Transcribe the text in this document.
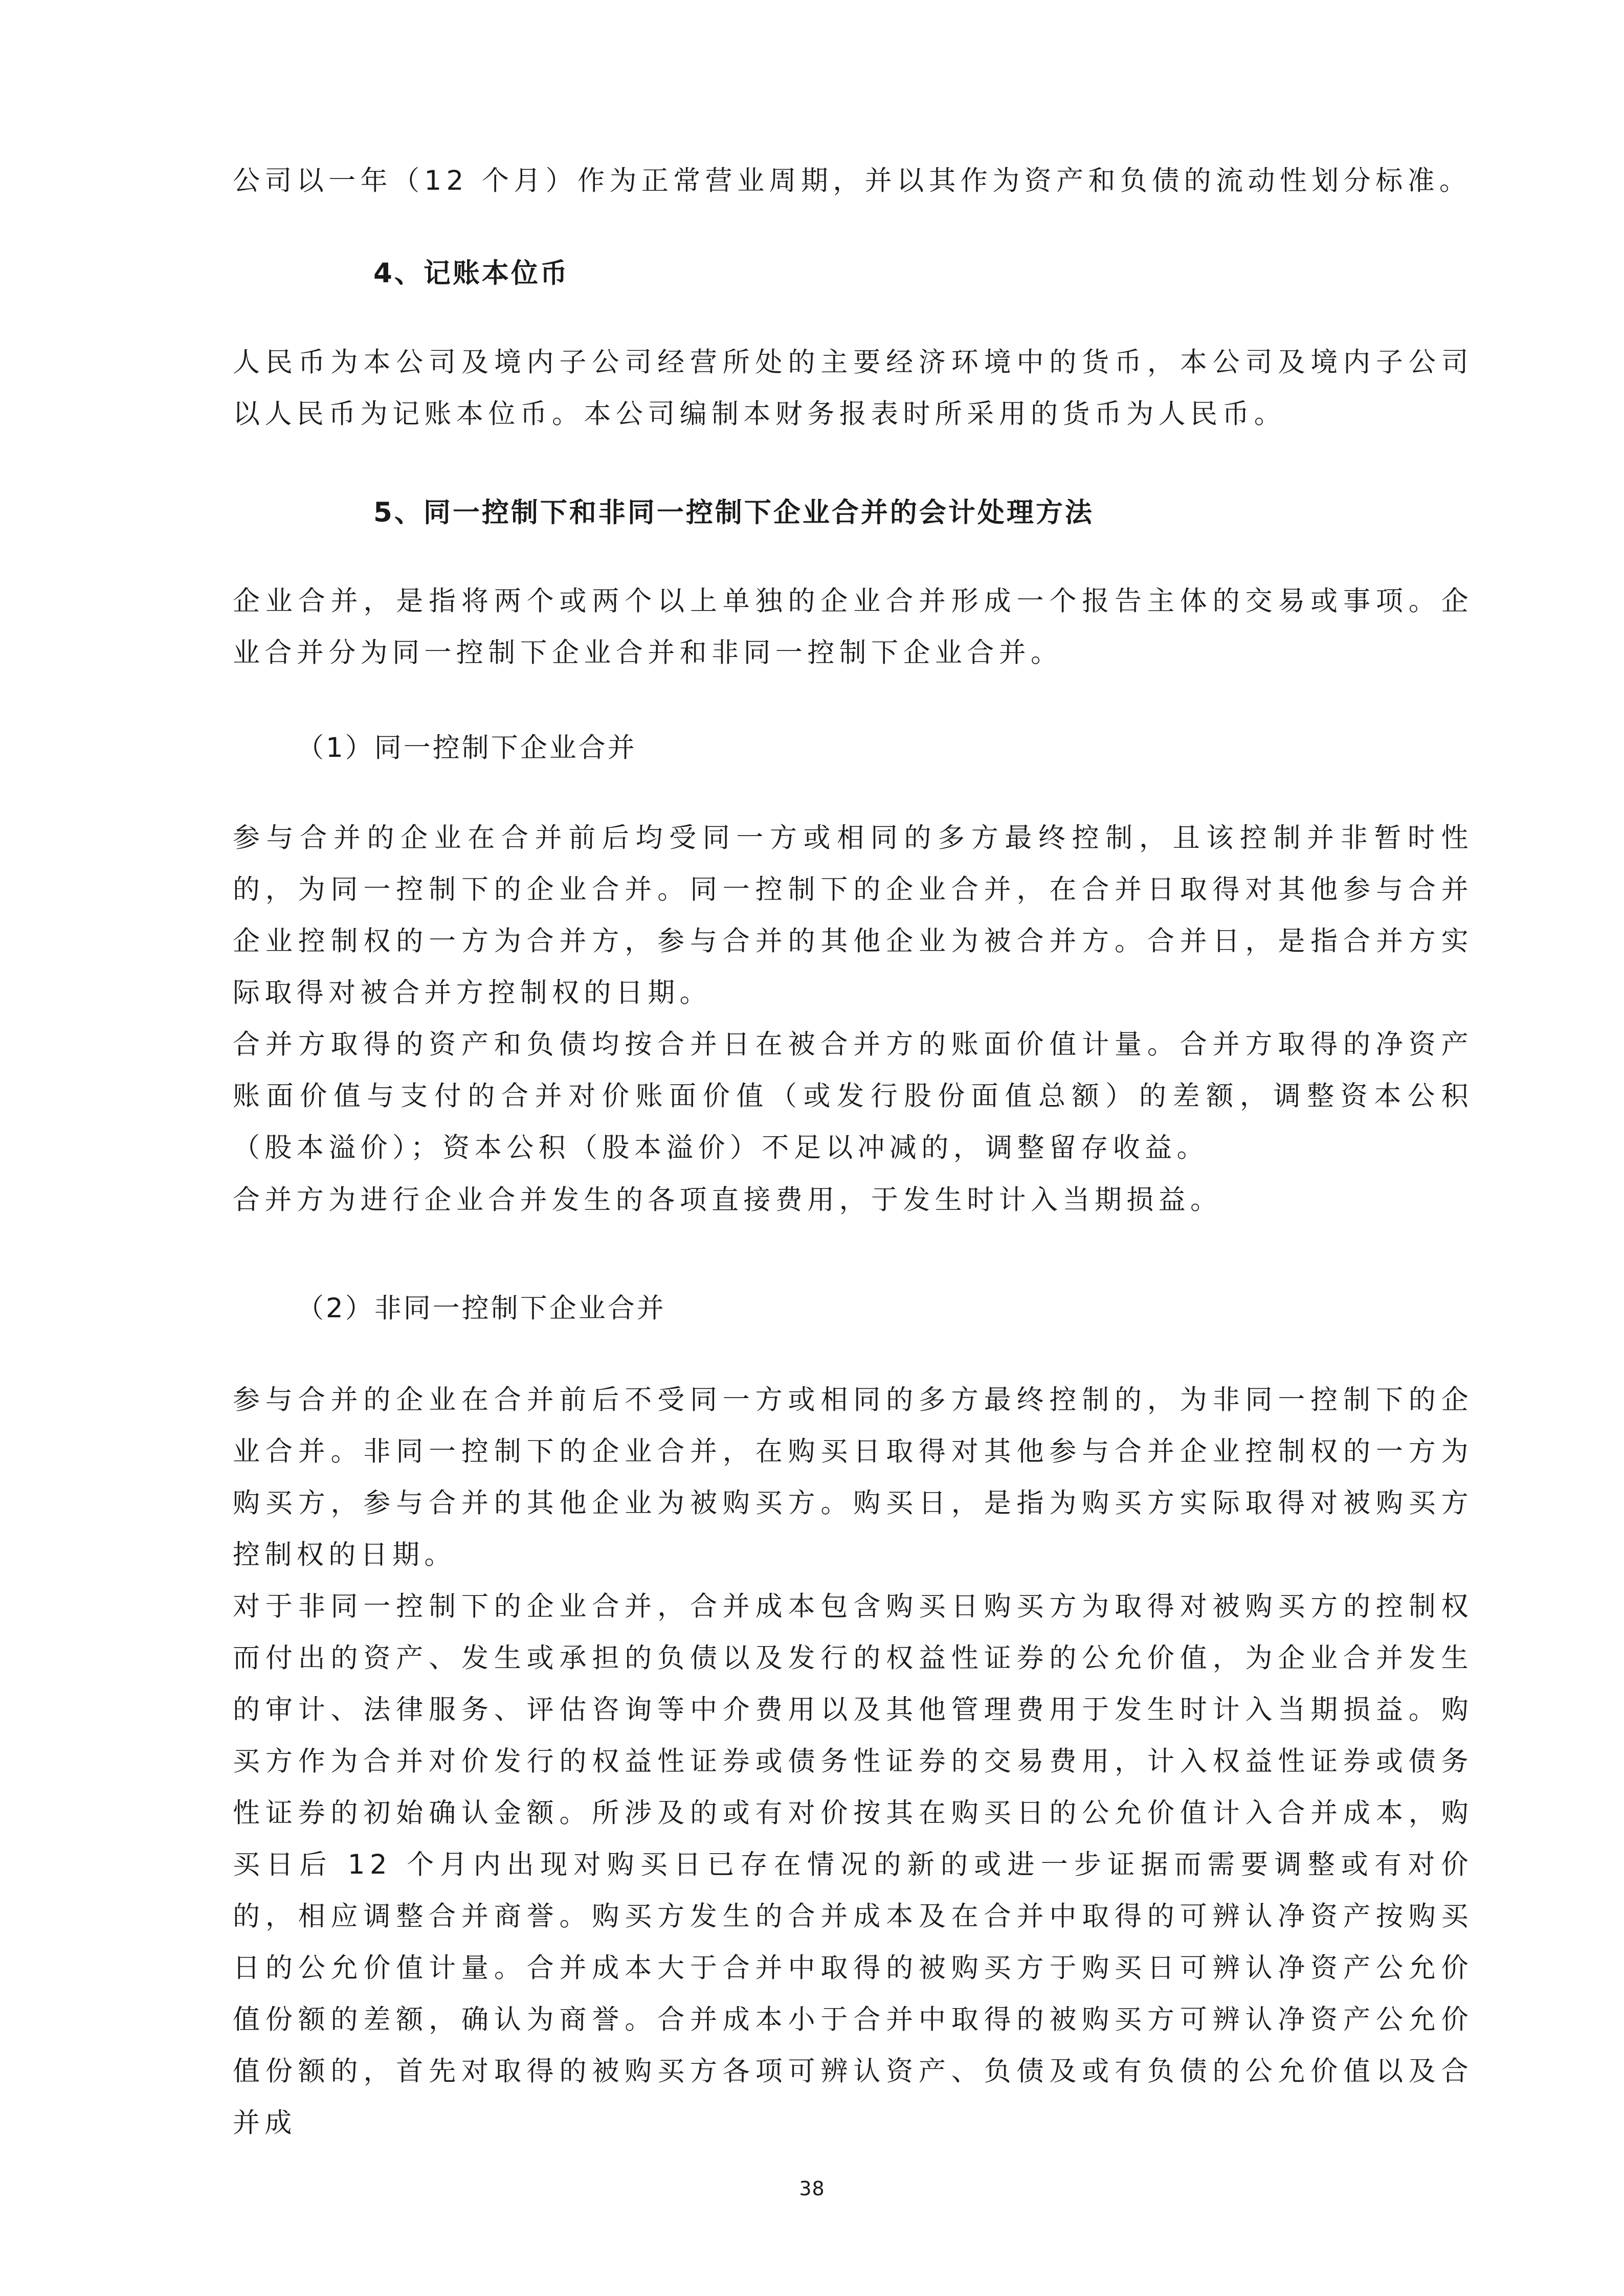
公司以一年（12 个月）作为正常营业周期，并以其作为资产和负债的流动性划分标准。

4、记账本位币

人民币为本公司及境内子公司经营所处的主要经济环境中的货币，本公司及境内子公司以人民币为记账本位币。本公司编制本财务报表时所采用的货币为人民币。

5、同一控制下和非同一控制下企业合并的会计处理方法

企业合并，是指将两个或两个以上单独的企业合并形成一个报告主体的交易或事项。企业合并分为同一控制下企业合并和非同一控制下企业合并。

（1）同一控制下企业合并

参与合并的企业在合并前后均受同一方或相同的多方最终控制，且该控制并非暂时性的，为同一控制下的企业合并。同一控制下的企业合并，在合并日取得对其他参与合并企业控制权的一方为合并方，参与合并的其他企业为被合并方。合并日，是指合并方实际取得对被合并方控制权的日期。

合并方取得的资产和负债均按合并日在被合并方的账面价值计量。合并方取得的净资产账面价值与支付的合并对价账面价值（或发行股份面值总额）的差额，调整资本公积（股本溢价）；资本公积（股本溢价）不足以冲减的，调整留存收益。

合并方为进行企业合并发生的各项直接费用，于发生时计入当期损益。

（2）非同一控制下企业合并

参与合并的企业在合并前后不受同一方或相同的多方最终控制的，为非同一控制下的企业合并。非同一控制下的企业合并，在购买日取得对其他参与合并企业控制权的一方为购买方，参与合并的其他企业为被购买方。购买日，是指为购买方实际取得对被购买方控制权的日期。

对于非同一控制下的企业合并，合并成本包含购买日购买方为取得对被购买方的控制权而付出的资产、发生或承担的负债以及发行的权益性证券的公允价值，为企业合并发生的审计、法律服务、评估咨询等中介费用以及其他管理费用于发生时计入当期损益。购买方作为合并对价发行的权益性证券或债务性证券的交易费用，计入权益性证券或债务性证券的初始确认金额。所涉及的或有对价按其在购买日的公允价值计入合并成本，购买日后 12 个月内出现对购买日已存在情况的新的或进一步证据而需要调整或有对价的，相应调整合并商誉。购买方发生的合并成本及在合并中取得的可辨认净资产按购买日的公允价值计量。合并成本大于合并中取得的被购买方于购买日可辨认净资产公允价值份额的差额，确认为商誉。合并成本小于合并中取得的被购买方可辨认净资产公允价值份额的，首先对取得的被购买方各项可辨认资产、负债及或有负债的公允价值以及合并成

38
